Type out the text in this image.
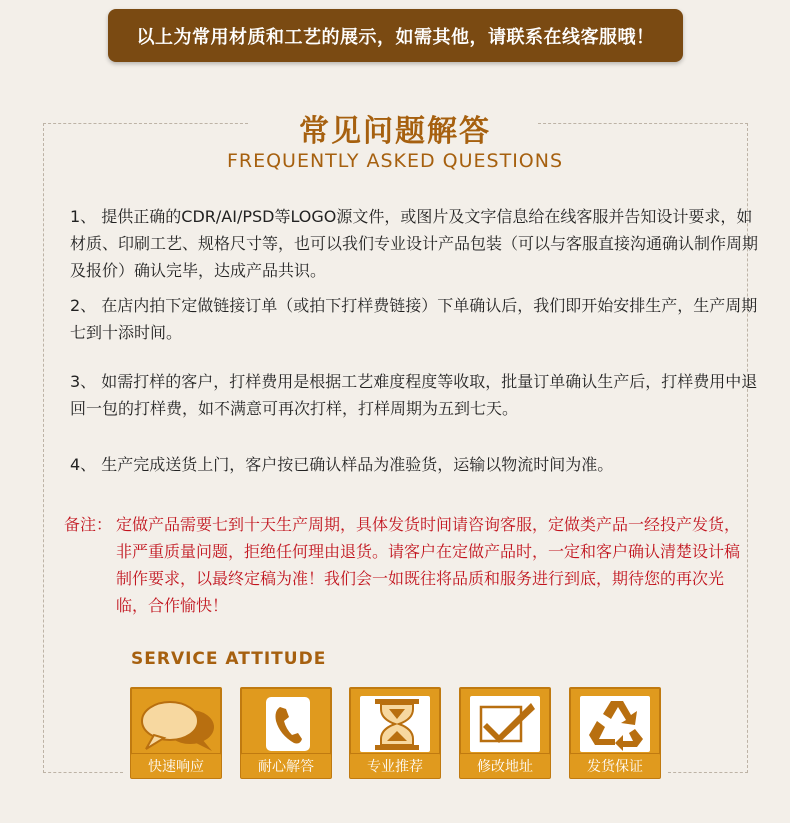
以上为常用材质和工艺的展示，如需其他，请联系在线客服哦！
常见问题解答
FREQUENTLY ASKED QUESTIONS
1、 提供正确的CDR/AI/PSD等LOGO源文件，或图片及文字信息给在线客服并告知设计要求，如材质、印刷工艺、规格尺寸等，也可以我们专业设计产品包装（可以与客服直接沟通确认制作周期及报价）确认完毕，达成产品共识。
2、 在店内拍下定做链接订单（或拍下打样费链接）下单确认后，我们即开始安排生产，生产周期七到十添时间。
3、 如需打样的客户，打样费用是根据工艺难度程度等收取，批量订单确认生产后，打样费用中退回一包的打样费，如不满意可再次打样，打样周期为五到七天。
4、 生产完成送货上门，客户按已确认样品为准验货，运输以物流时间为准。
备注： 定做产品需要七到十天生产周期，具体发货时间请咨询客服，定做类产品一经投产发货，非严重质量问题，拒绝任何理由退货。请客户在定做产品时，一定和客户确认清楚设计稿制作要求，以最终定稿为准！我们会一如既往将品质和服务进行到底，期待您的再次光临，合作愉快！
SERVICE ATTITUDE
快速响应	耐心解答	专业推荐	修改地址	发货保证
